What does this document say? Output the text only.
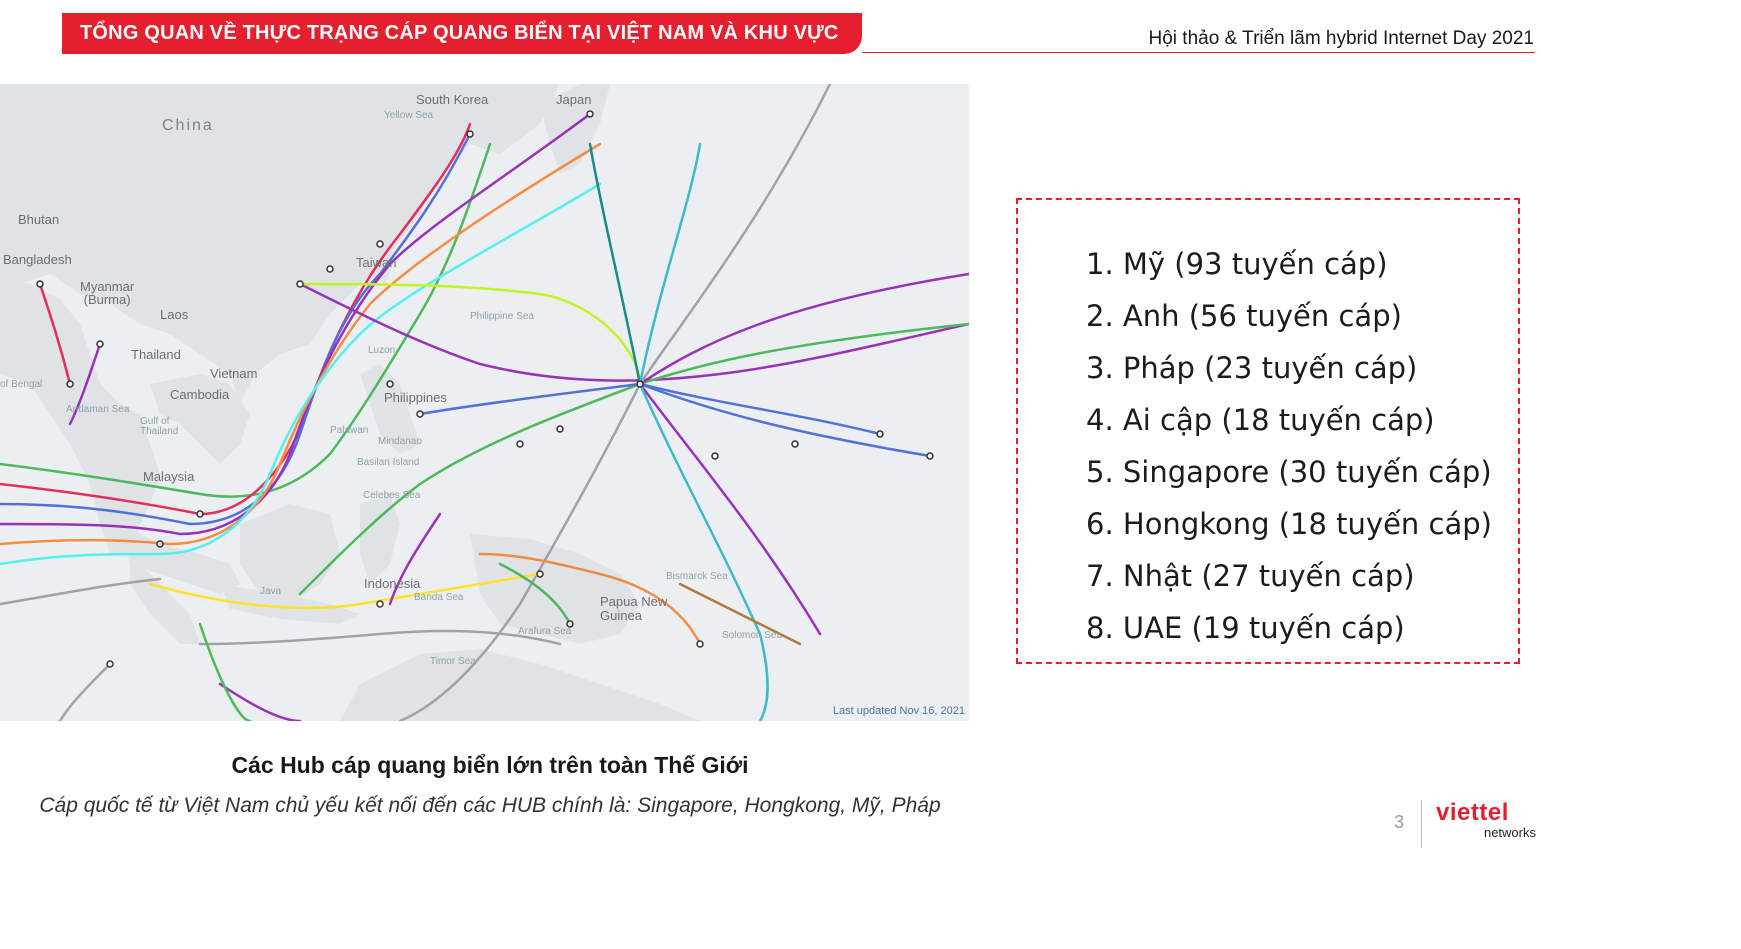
TỔNG QUAN VỀ THỰC TRẠNG CÁP QUANG BIỂN TẠI VIỆT NAM VÀ KHU VỰC	Hội thảo & Triển lãm hybrid Internet Day 2021
China
South Korea	Japan
Yellow Sea
Bhutan
Bangladesh
Myanmar
(Burma)
Laos
Thailand
Vietnam
Cambodia
Taiwan
Philippine Sea
Luzon
Philippines
Palawan
Mindanao
Basilan Island
Malaysia
Celebes Sea
Indonesia
Banda Sea
Java
Papua New
Guinea
Bismarck Sea
Solomon Sea
Arafura Sea
Timor Sea
Andaman Sea
of Bengal
Gulf of
Thailand
Last updated Nov 16, 2021
1. Mỹ (93 tuyến cáp)
2. Anh (56 tuyến cáp)
3. Pháp (23 tuyến cáp)
4. Ai cập (18 tuyến cáp)
5. Singapore (30 tuyến cáp)
6. Hongkong (18 tuyến cáp)
7. Nhật (27 tuyến cáp)
8. UAE (19 tuyến cáp)
Các Hub cáp quang biển lớn trên toàn Thế Giới
Cáp quốc tế từ Việt Nam chủ yếu kết nối đến các HUB chính là: Singapore, Hongkong, Mỹ, Pháp
3 viettel
networks
